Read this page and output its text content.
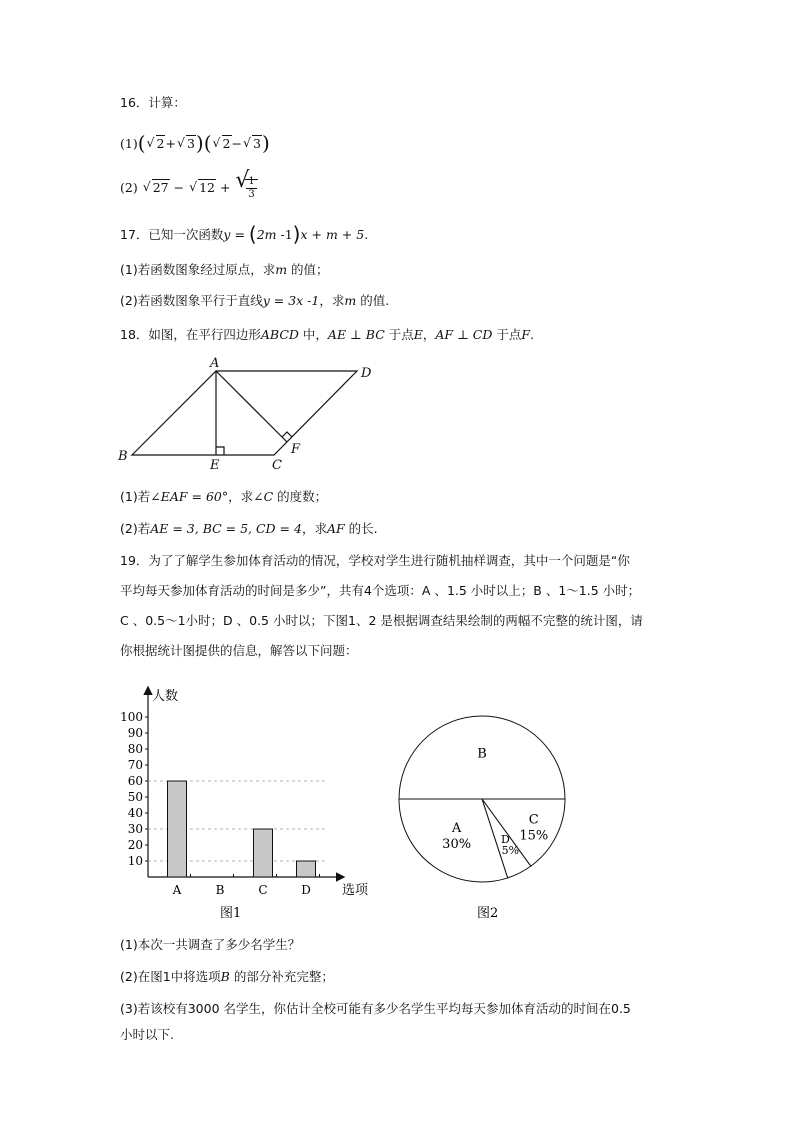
16．计算：
(1)( √ 2+ √ 3)( √ 2− √ 3)
(2) √ 27 − √ 12 + √
$\frac{1}{3}$
17．已知一次函数y = (2m -1)x + m + 5.
(1)若函数图象经过原点，求m 的值；
(2)若函数图象平行于直线y = 3x -1，求m 的值.
18．如图，在平行四边形ABCD 中，AE ⊥ BC 于点E，AF ⊥ CD 于点F.
A
B
C
D
E
F
(1)若∠EAF = 60°，求∠C 的度数；
(2)若AE = 3, BC = 5, CD = 4，求AF 的长.
19．为了了解学生参加体育活动的情况，学校对学生进行随机抽样调查，其中一个问题是“你
平均每天参加体育活动的时间是多少”，共有4个选项：A 、1.5 小时以上；B 、1～1.5 小时；
C 、0.5～1小时；D 、0.5 小时以；下图1、2 是根据调查结果绘制的两幅不完整的统计图，请
你根据统计图提供的信息，解答以下问题：
人数
选项
10
20
30
40
50
60
70
80
90
100
A	B	C	D
图1
B
C
15%
D
5%
A
30%
图2
(1)本次一共调查了多少名学生？
(2)在图1中将选项B 的部分补充完整；
(3)若该校有3000 名学生，你估计全校可能有多少名学生平均每天参加体育活动的时间在0.5
小时以下.
